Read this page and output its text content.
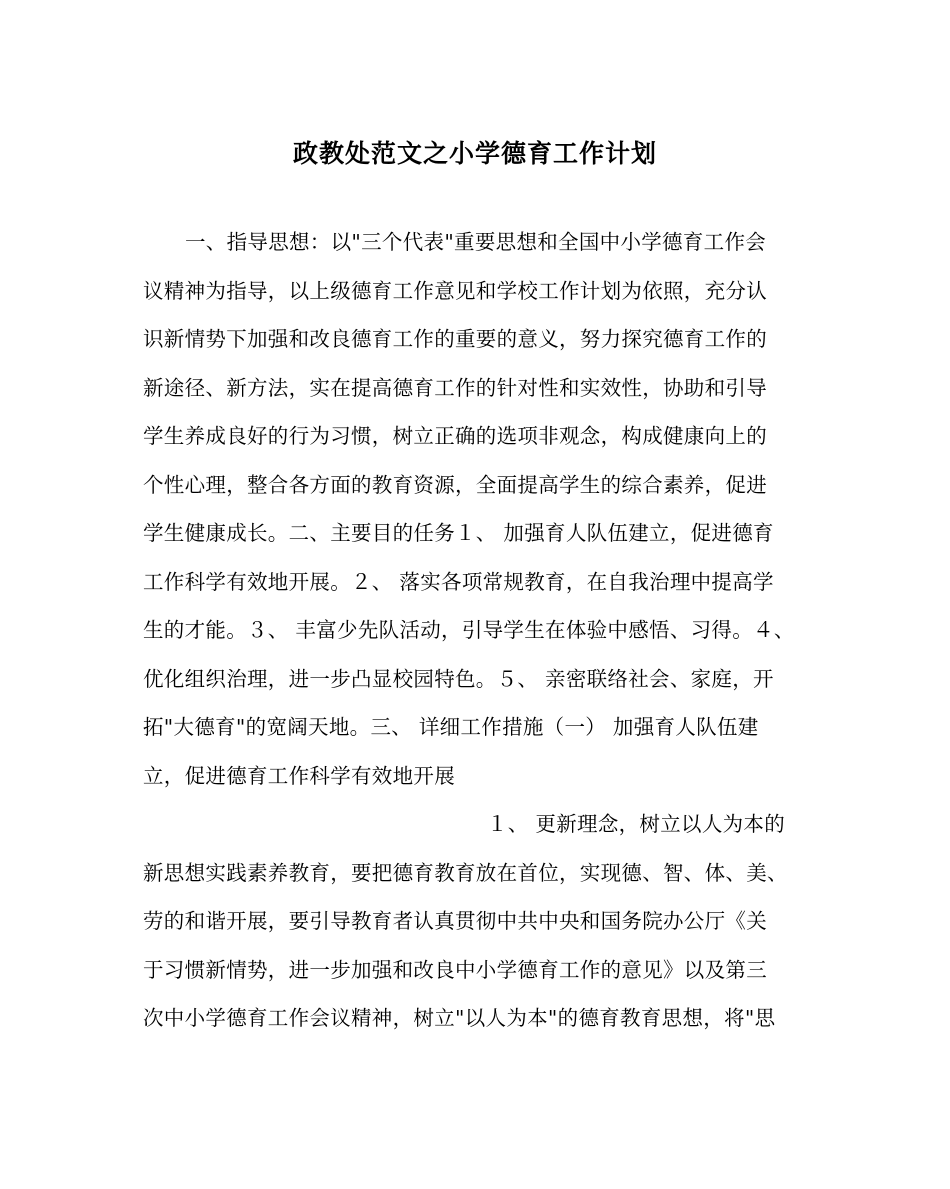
政教处范文之小学德育工作计划
一、指导思想：以"三个代表"重要思想和全国中小学德育工作会
议精神为指导，以上级德育工作意见和学校工作计划为依照，充分认
识新情势下加强和改良德育工作的重要的意义，努力探究德育工作的
新途径、新方法，实在提高德育工作的针对性和实效性，协助和引导
学生养成良好的行为习惯，树立正确的选项非观念，构成健康向上的
个性心理，整合各方面的教育资源，全面提高学生的综合素养，促进
学生健康成长。二、主要目的任务１、 加强育人队伍建立，促进德育
工作科学有效地开展。２、 落实各项常规教育，在自我治理中提高学
生的才能。３、 丰富少先队活动，引导学生在体验中感悟、习得。４、
优化组织治理，进一步凸显校园特色。５、 亲密联络社会、家庭，开
拓"大德育"的宽阔天地。三、 详细工作措施（一） 加强育人队伍建
立，促进德育工作科学有效地开展
１、 更新理念，树立以人为本的
新思想实践素养教育，要把德育教育放在首位，实现德、智、体、美、
劳的和谐开展，要引导教育者认真贯彻中共中央和国务院办公厅《关
于习惯新情势，进一步加强和改良中小学德育工作的意见》以及第三
次中小学德育工作会议精神，树立"以人为本"的德育教育思想，将"思
